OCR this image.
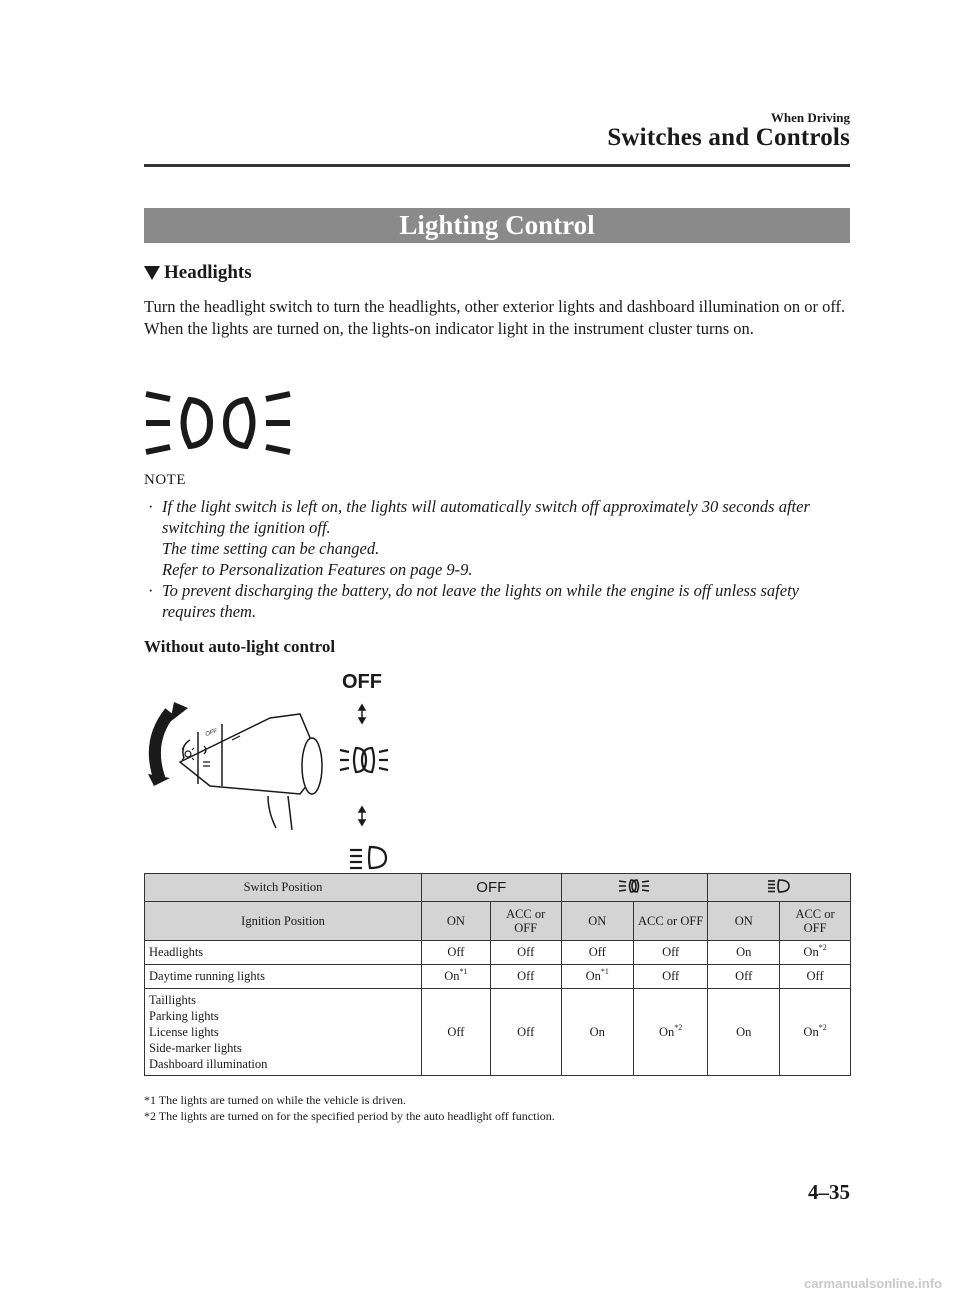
When Driving
Switches and Controls
Lighting Control
Headlights

Turn the headlight switch to turn the headlights, other exterior lights and dashboard illumination on or off.

When the lights are turned on, the lights-on indicator light in the instrument cluster turns on.

NOTE
· If the light switch is left on, the lights will automatically switch off approximately 30 seconds after switching the ignition off.

The time setting can be changed.

Refer to Personalization Features on page 9-9.

· To prevent discharging the battery, do not leave the lights on while the engine is off unless safety requires them.

Without auto-light control
OFF
OFF
Switch Position	OFF		
Ignition Position	ON	ACC or OFF	ON	ACC or OFF	ON	ACC or OFF
Headlights	Off	Off	Off	Off	On	On$^{*2}$
Daytime running lights	On$^{*1}$	Off	On$^{*1}$	Off	Off	Off

Taillights
Parking lights
License lights
Side-marker lights
Dashboard illumination	Off	Off	On	On$^{*2}$	On	On$^{*2}$

*1 The lights are turned on while the vehicle is driven.

*2 The lights are turned on for the specified period by the auto headlight off function.

4–35
carmanualsonline.info
